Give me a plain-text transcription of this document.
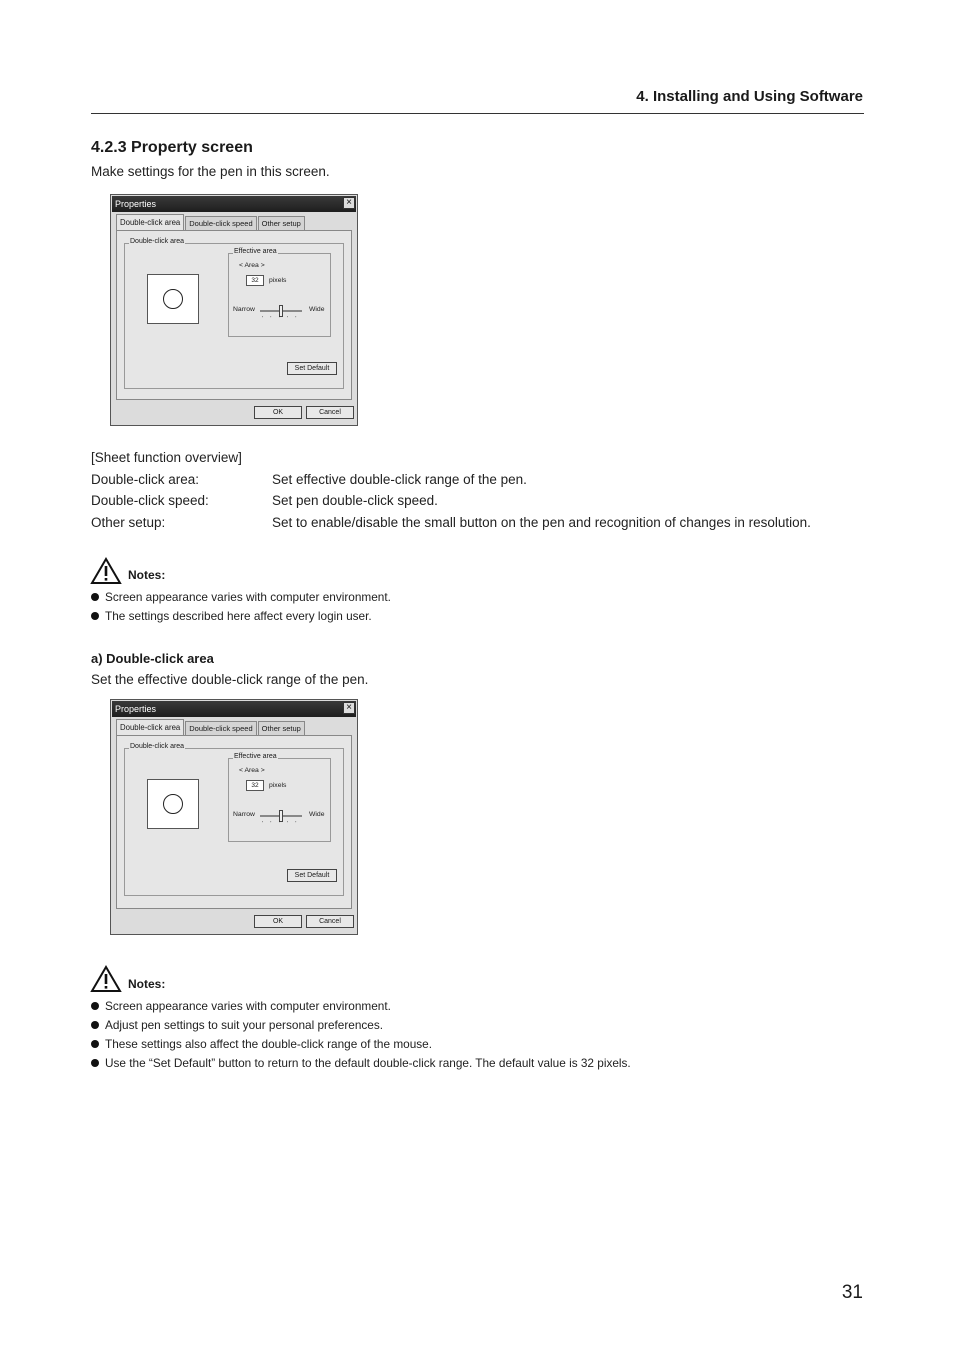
4. Installing and Using Software
4.2.3 Property screen
Make settings for the pen in this screen.
Properties	×
Double-click area	Double-click speed	Other setup
Double-click area
Effective area
< Area >
32	pixels
Narrow	Wide
' ' ' ' '
Set Default
OK	Cancel
[Sheet function overview]
Double-click area:	Set effective double-click range of the pen.
Double-click speed:	Set pen double-click speed.
Other setup:	Set to enable/disable the small button on the pen and recognition of changes in resolution.
Notes:
Screen appearance varies with computer environment.
The settings described here affect every login user.
a) Double-click area
Set the effective double-click range of the pen.
Properties	×
Double-click area	Double-click speed	Other setup
Double-click area
Effective area
< Area >
32	pixels
Narrow	Wide
' ' ' ' '
Set Default
OK	Cancel
Notes:
Screen appearance varies with computer environment.
Adjust pen settings to suit your personal preferences.
These settings also affect the double-click range of the mouse.
Use the “Set Default” button to return to the default double-click range. The default value is 32 pixels.
31
